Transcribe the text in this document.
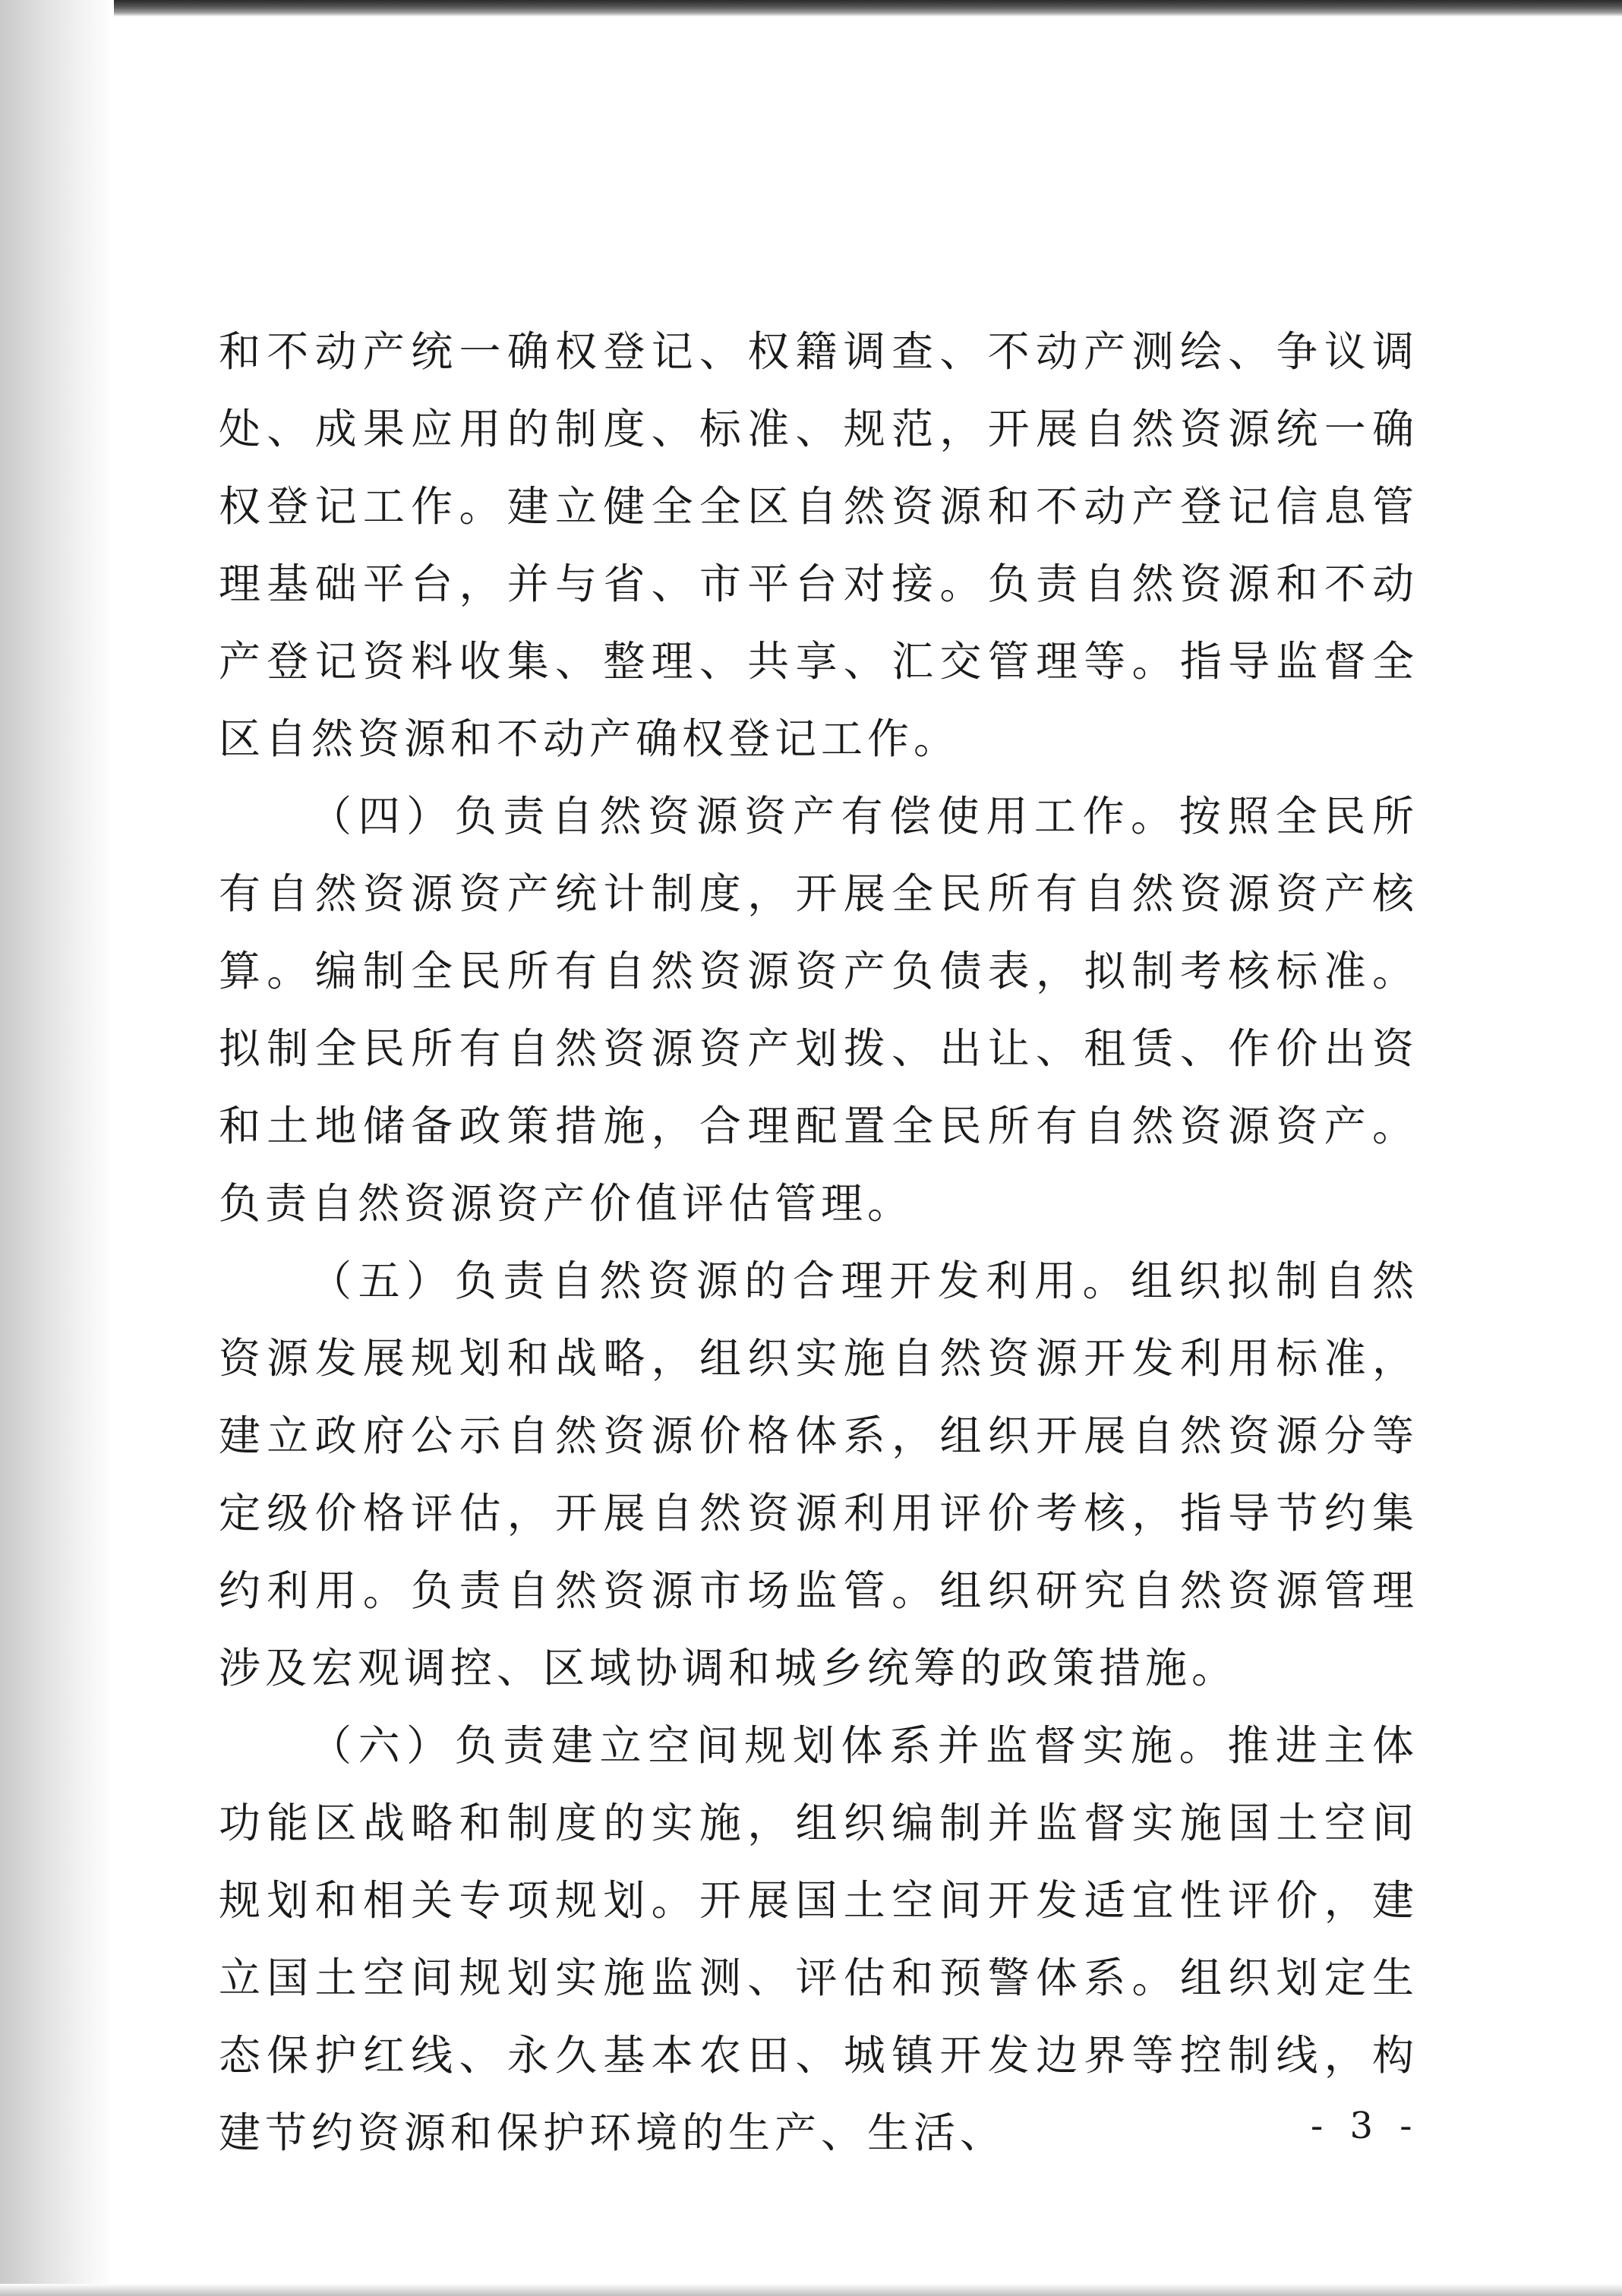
和不动产统一确权登记、权籍调查、不动产测绘、争议调处、成果应用的制度、标准、规范，开展自然资源统一确权登记工作。建立健全全区自然资源和不动产登记信息管理基础平台，并与省、市平台对接。负责自然资源和不动产登记资料收集、整理、共享、汇交管理等。指导监督全区自然资源和不动产确权登记工作。

（四）负责自然资源资产有偿使用工作。按照全民所有自然资源资产统计制度，开展全民所有自然资源资产核算。编制全民所有自然资源资产负债表，拟制考核标准。拟制全民所有自然资源资产划拨、出让、租赁、作价出资和土地储备政策措施，合理配置全民所有自然资源资产。负责自然资源资产价值评估管理。

（五）负责自然资源的合理开发利用。组织拟制自然资源发展规划和战略，组织实施自然资源开发利用标准，建立政府公示自然资源价格体系，组织开展自然资源分等定级价格评估，开展自然资源利用评价考核，指导节约集约利用。负责自然资源市场监管。组织研究自然资源管理涉及宏观调控、区域协调和城乡统筹的政策措施。

（六）负责建立空间规划体系并监督实施。推进主体功能区战略和制度的实施，组织编制并监督实施国土空间规划和相关专项规划。开展国土空间开发适宜性评价，建立国土空间规划实施监测、评估和预警体系。组织划定生态保护红线、永久基本农田、城镇开发边界等控制线，构建节约资源和保护环境的生产、生活、	- 3 -
